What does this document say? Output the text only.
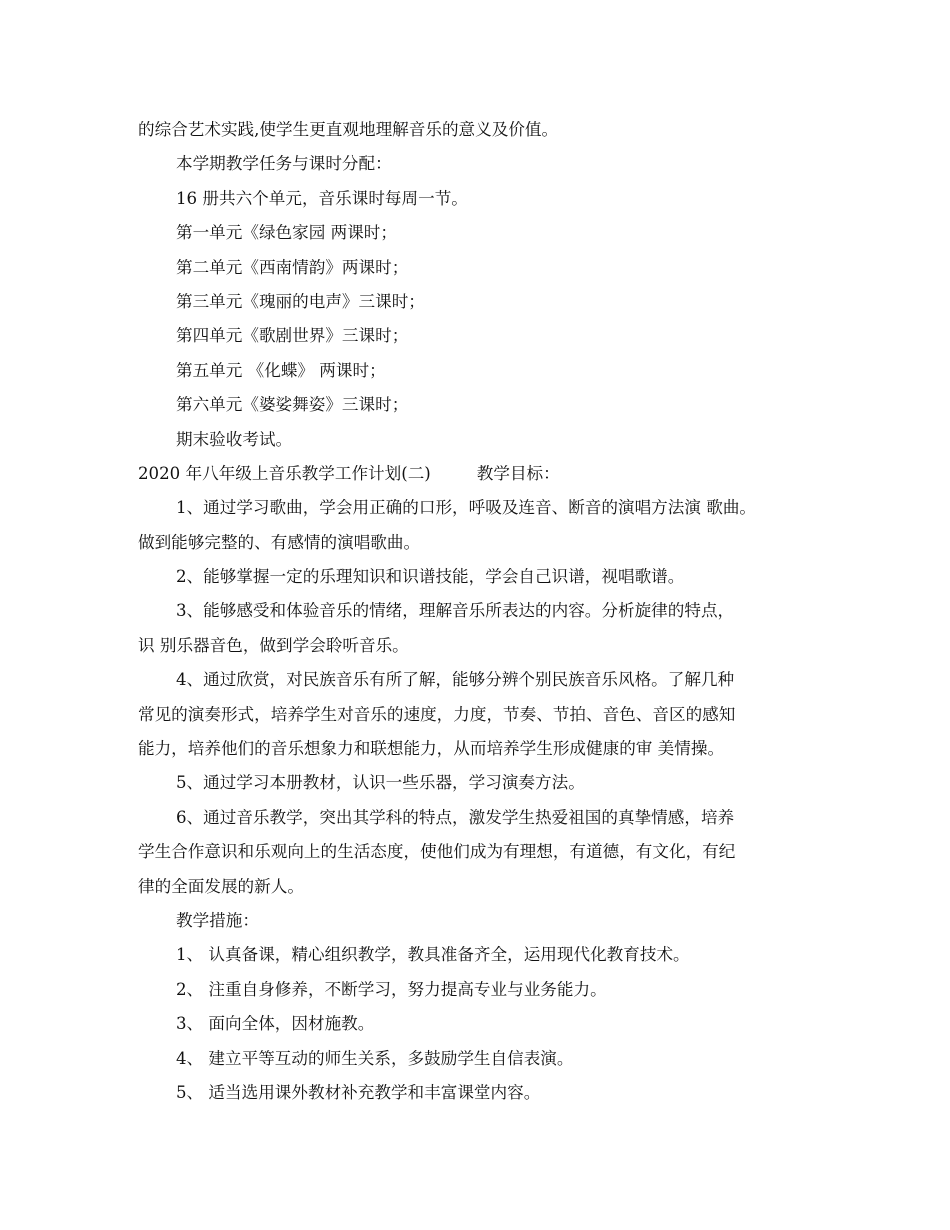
的综合艺术实践,使学生更直观地理解音乐的意义及价值。

本学期教学任务与课时分配：

16 册共六个单元，音乐课时每周一节。

第一单元《绿色家园 两课时；

第二单元《西南情韵》两课时；

第三单元《瑰丽的电声》三课时；

第四单元《歌剧世界》三课时；

第五单元 《化蝶》 两课时；

第六单元《婆娑舞姿》三课时；

期末验收考试。

2020 年八年级上音乐教学工作计划(二)	教学目标：

1、通过学习歌曲，学会用正确的口形，呼吸及连音、断音的演唱方法演 歌曲。

做到能够完整的、有感情的演唱歌曲。

2、能够掌握一定的乐理知识和识谱技能，学会自己识谱，视唱歌谱。

3、能够感受和体验音乐的情绪，理解音乐所表达的内容。分析旋律的特点，

识 别乐器音色，做到学会聆听音乐。

4、通过欣赏，对民族音乐有所了解，能够分辨个别民族音乐风格。了解几种

常见的演奏形式，培养学生对音乐的速度，力度，节奏、节拍、音色、音区的感知

能力，培养他们的音乐想象力和联想能力，从而培养学生形成健康的审 美情操。

5、通过学习本册教材，认识一些乐器，学习演奏方法。

6、通过音乐教学，突出其学科的特点，激发学生热爱祖国的真挚情感，培养

学生合作意识和乐观向上的生活态度，使他们成为有理想，有道德，有文化，有纪

律的全面发展的新人。

教学措施：

1、 认真备课，精心组织教学，教具准备齐全，运用现代化教育技术。

2、 注重自身修养，不断学习，努力提高专业与业务能力。

3、 面向全体，因材施教。

4、 建立平等互动的师生关系，多鼓励学生自信表演。

5、 适当选用课外教材补充教学和丰富课堂内容。
